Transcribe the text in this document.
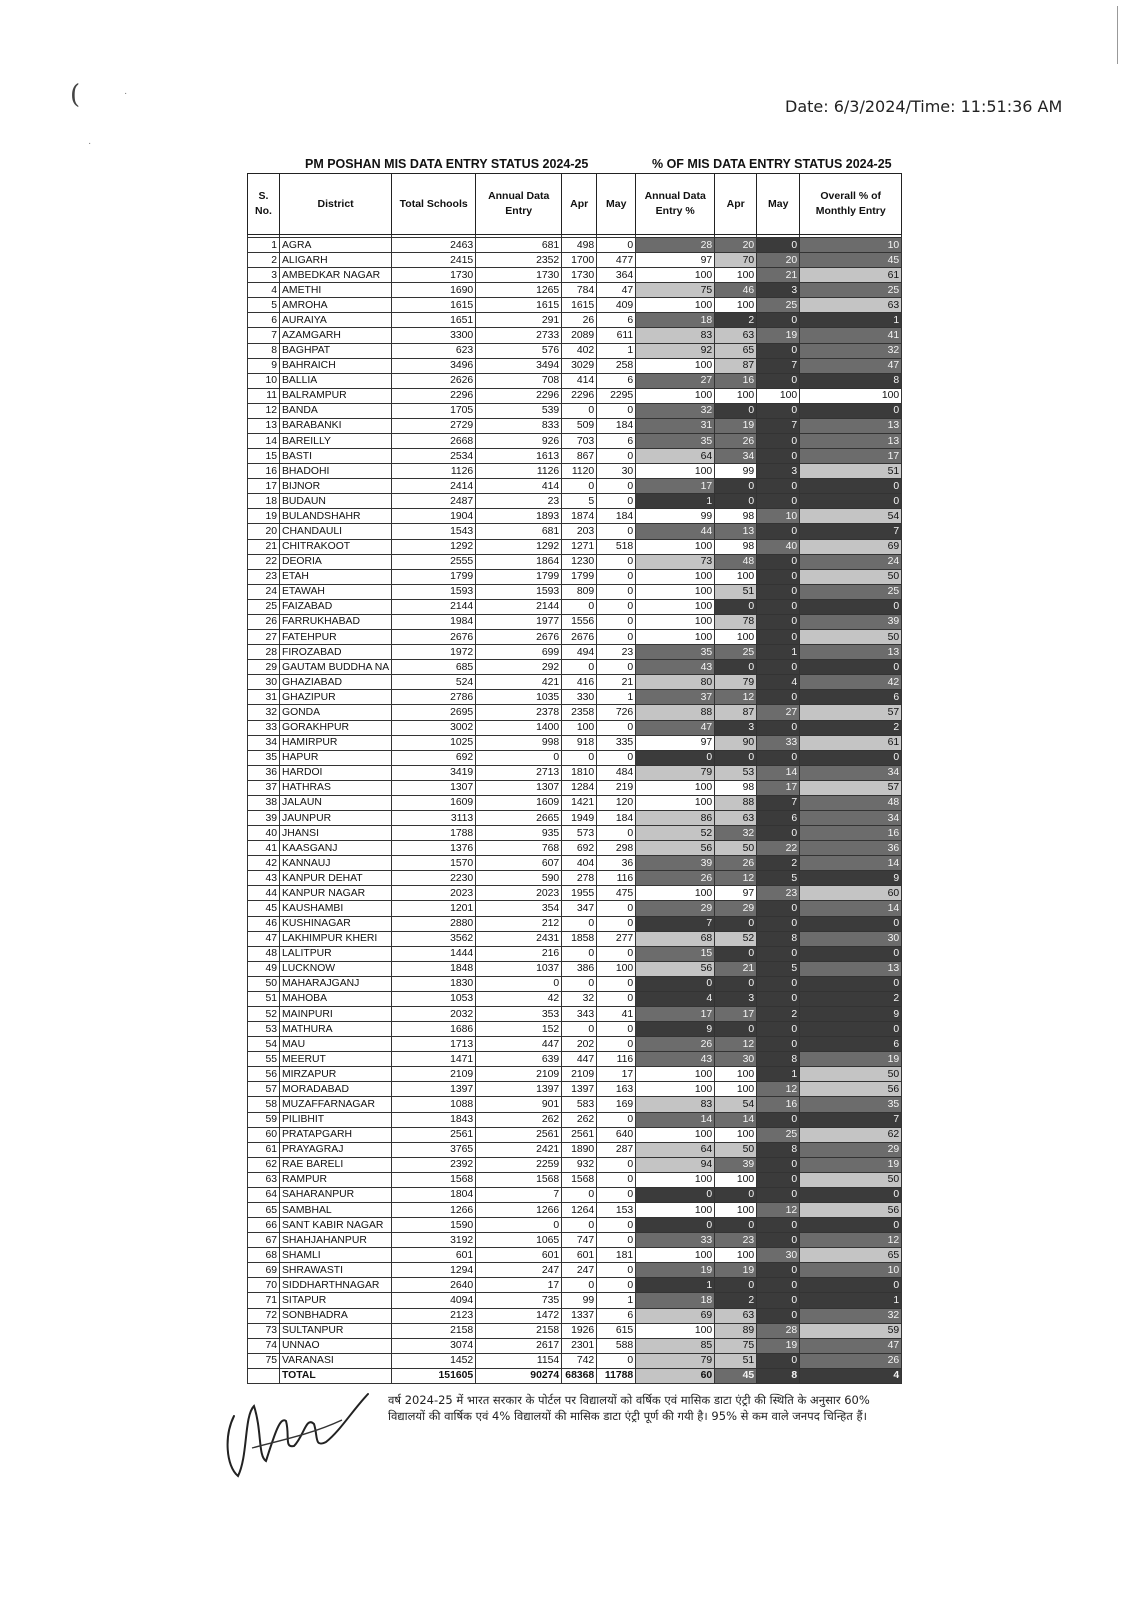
(	·
·
Date: 6/3/2024/Time: 11:51:36 AM
PM POSHAN MIS DATA ENTRY STATUS 2024-25	% OF MIS DATA ENTRY STATUS 2024-25
S. No.	District	Total Schools	Annual Data Entry	Apr	May	Annual Data Entry %	Apr	May	Overall % of Monthly Entry

1	AGRA	2463	681	498	0	28	20	0	10
2	ALIGARH	2415	2352	1700	477	97	70	20	45
3	AMBEDKAR NAGAR	1730	1730	1730	364	100	100	21	61
4	AMETHI	1690	1265	784	47	75	46	3	25
5	AMROHA	1615	1615	1615	409	100	100	25	63
6	AURAIYA	1651	291	26	6	18	2	0	1
7	AZAMGARH	3300	2733	2089	611	83	63	19	41
8	BAGHPAT	623	576	402	1	92	65	0	32
9	BAHRAICH	3496	3494	3029	258	100	87	7	47
10	BALLIA	2626	708	414	6	27	16	0	8
11	BALRAMPUR	2296	2296	2296	2295	100	100	100	100
12	BANDA	1705	539	0	0	32	0	0	0
13	BARABANKI	2729	833	509	184	31	19	7	13
14	BAREILLY	2668	926	703	6	35	26	0	13
15	BASTI	2534	1613	867	0	64	34	0	17
16	BHADOHI	1126	1126	1120	30	100	99	3	51
17	BIJNOR	2414	414	0	0	17	0	0	0
18	BUDAUN	2487	23	5	0	1	0	0	0
19	BULANDSHAHR	1904	1893	1874	184	99	98	10	54
20	CHANDAULI	1543	681	203	0	44	13	0	7
21	CHITRAKOOT	1292	1292	1271	518	100	98	40	69
22	DEORIA	2555	1864	1230	0	73	48	0	24
23	ETAH	1799	1799	1799	0	100	100	0	50
24	ETAWAH	1593	1593	809	0	100	51	0	25
25	FAIZABAD	2144	2144	0	0	100	0	0	0
26	FARRUKHABAD	1984	1977	1556	0	100	78	0	39
27	FATEHPUR	2676	2676	2676	0	100	100	0	50
28	FIROZABAD	1972	699	494	23	35	25	1	13
29	GAUTAM BUDDHA NA	685	292	0	0	43	0	0	0
30	GHAZIABAD	524	421	416	21	80	79	4	42
31	GHAZIPUR	2786	1035	330	1	37	12	0	6
32	GONDA	2695	2378	2358	726	88	87	27	57
33	GORAKHPUR	3002	1400	100	0	47	3	0	2
34	HAMIRPUR	1025	998	918	335	97	90	33	61
35	HAPUR	692	0	0	0	0	0	0	0
36	HARDOI	3419	2713	1810	484	79	53	14	34
37	HATHRAS	1307	1307	1284	219	100	98	17	57
38	JALAUN	1609	1609	1421	120	100	88	7	48
39	JAUNPUR	3113	2665	1949	184	86	63	6	34
40	JHANSI	1788	935	573	0	52	32	0	16
41	KAASGANJ	1376	768	692	298	56	50	22	36
42	KANNAUJ	1570	607	404	36	39	26	2	14
43	KANPUR DEHAT	2230	590	278	116	26	12	5	9
44	KANPUR NAGAR	2023	2023	1955	475	100	97	23	60
45	KAUSHAMBI	1201	354	347	0	29	29	0	14
46	KUSHINAGAR	2880	212	0	0	7	0	0	0
47	LAKHIMPUR KHERI	3562	2431	1858	277	68	52	8	30
48	LALITPUR	1444	216	0	0	15	0	0	0
49	LUCKNOW	1848	1037	386	100	56	21	5	13
50	MAHARAJGANJ	1830	0	0	0	0	0	0	0
51	MAHOBA	1053	42	32	0	4	3	0	2
52	MAINPURI	2032	353	343	41	17	17	2	9
53	MATHURA	1686	152	0	0	9	0	0	0
54	MAU	1713	447	202	0	26	12	0	6
55	MEERUT	1471	639	447	116	43	30	8	19
56	MIRZAPUR	2109	2109	2109	17	100	100	1	50
57	MORADABAD	1397	1397	1397	163	100	100	12	56
58	MUZAFFARNAGAR	1088	901	583	169	83	54	16	35
59	PILIBHIT	1843	262	262	0	14	14	0	7
60	PRATAPGARH	2561	2561	2561	640	100	100	25	62
61	PRAYAGRAJ	3765	2421	1890	287	64	50	8	29
62	RAE BARELI	2392	2259	932	0	94	39	0	19
63	RAMPUR	1568	1568	1568	0	100	100	0	50
64	SAHARANPUR	1804	7	0	0	0	0	0	0
65	SAMBHAL	1266	1266	1264	153	100	100	12	56
66	SANT KABIR NAGAR	1590	0	0	0	0	0	0	0
67	SHAHJAHANPUR	3192	1065	747	0	33	23	0	12
68	SHAMLI	601	601	601	181	100	100	30	65
69	SHRAWASTI	1294	247	247	0	19	19	0	10
70	SIDDHARTHNAGAR	2640	17	0	0	1	0	0	0
71	SITAPUR	4094	735	99	1	18	2	0	1
72	SONBHADRA	2123	1472	1337	6	69	63	0	32
73	SULTANPUR	2158	2158	1926	615	100	89	28	59
74	UNNAO	3074	2617	2301	588	85	75	19	47
75	VARANASI	1452	1154	742	0	79	51	0	26
	TOTAL	151605	90274	68368	11788	60	45	8	4
वर्ष 2024-25 में भारत सरकार के पोर्टल पर विद्यालयों को वर्षिक एवं मासिक डाटा एंट्री की स्थिति के अनुसार 60% विद्यालयों की वार्षिक एवं 4% विद्यालयों की मासिक डाटा एंट्री पूर्ण की गयी है। 95% से कम वाले जनपद चिन्हित हैं।
